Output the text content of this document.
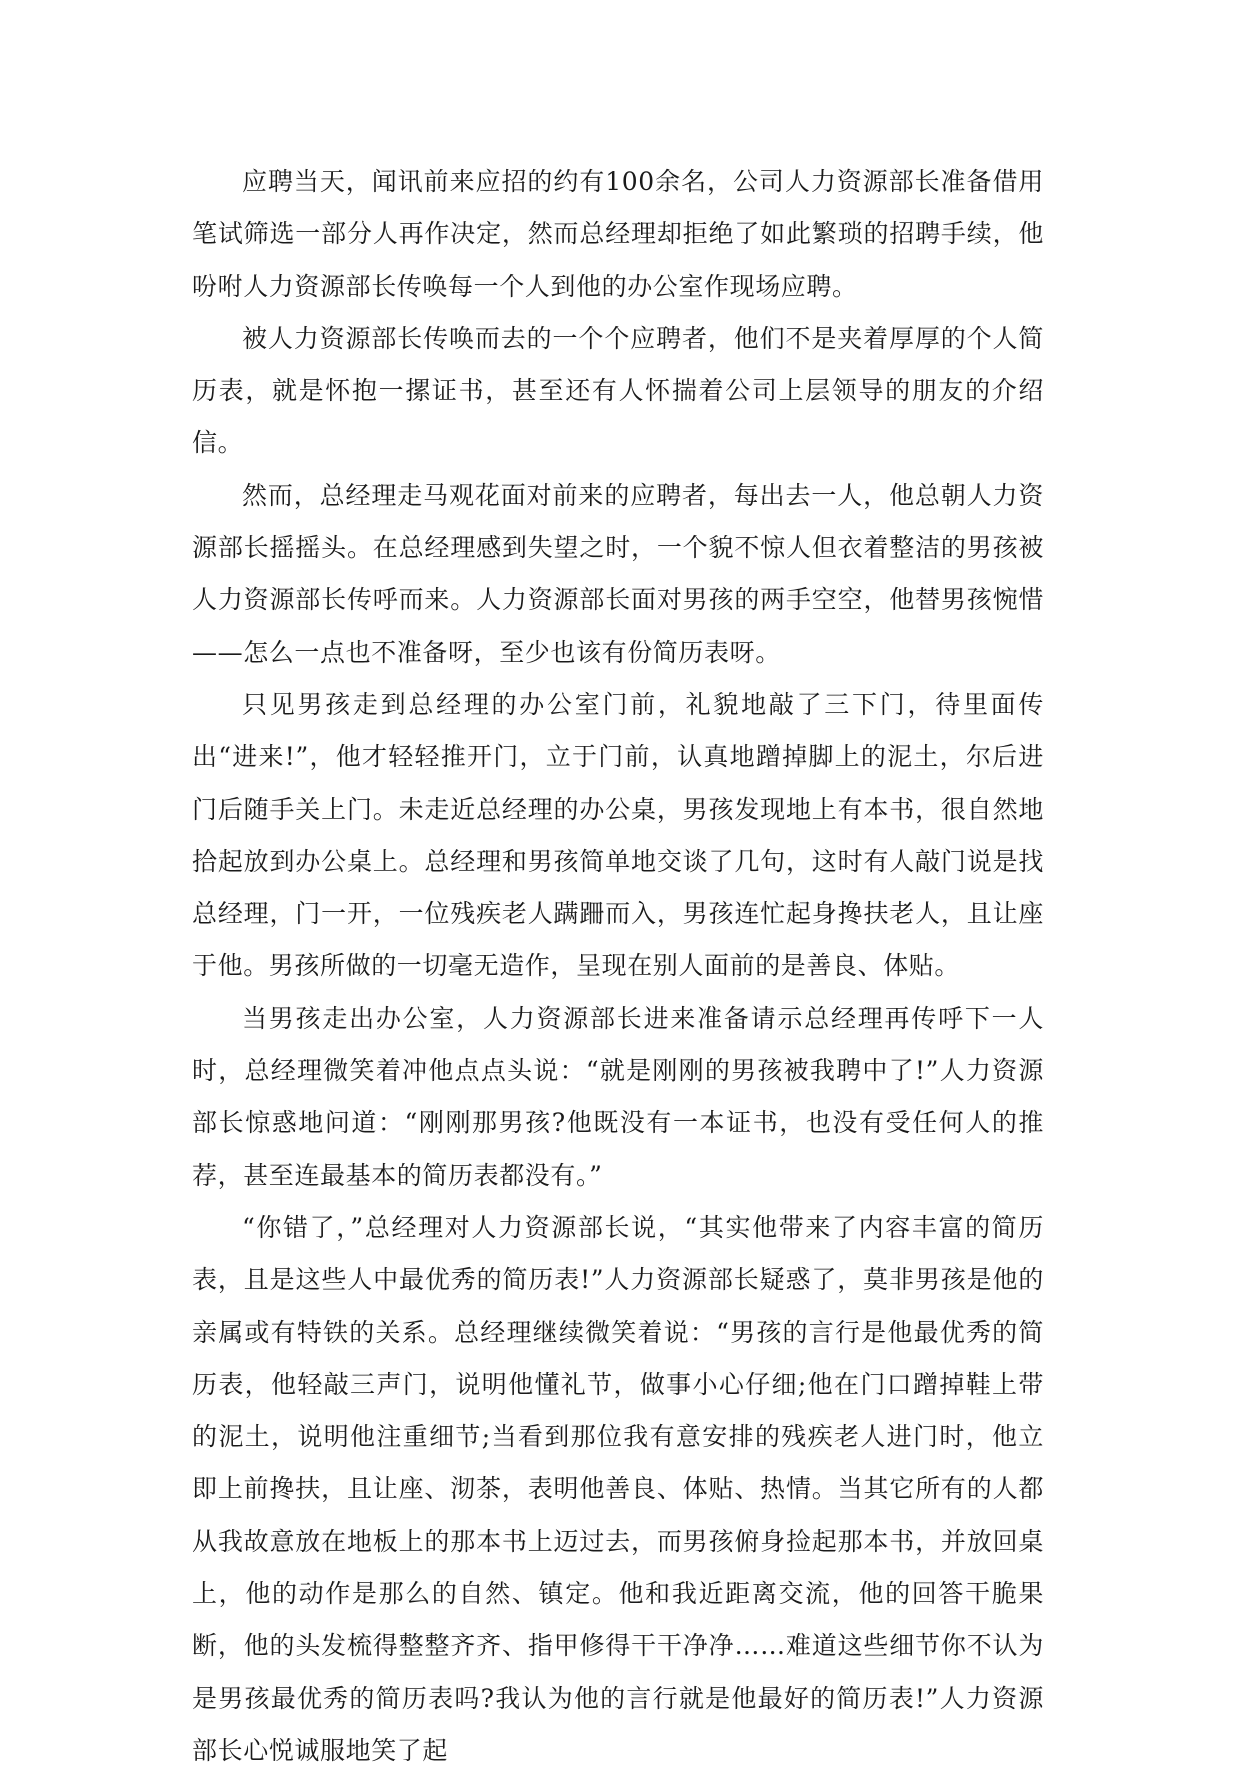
应聘当天，闻讯前来应招的约有100余名，公司人力资源部长准备借用笔试筛选一部分人再作决定，然而总经理却拒绝了如此繁琐的招聘手续，他吩咐人力资源部长传唤每一个人到他的办公室作现场应聘。

被人力资源部长传唤而去的一个个应聘者，他们不是夹着厚厚的个人简历表，就是怀抱一摞证书，甚至还有人怀揣着公司上层领导的朋友的介绍信。

然而，总经理走马观花面对前来的应聘者，每出去一人，他总朝人力资源部长摇摇头。在总经理感到失望之时，一个貌不惊人但衣着整洁的男孩被人力资源部长传呼而来。人力资源部长面对男孩的两手空空，他替男孩惋惜——怎么一点也不准备呀，至少也该有份简历表呀。

只见男孩走到总经理的办公室门前，礼貌地敲了三下门，待里面传出“进来!”，他才轻轻推开门，立于门前，认真地蹭掉脚上的泥土，尔后进门后随手关上门。未走近总经理的办公桌，男孩发现地上有本书，很自然地拾起放到办公桌上。总经理和男孩简单地交谈了几句，这时有人敲门说是找总经理，门一开，一位残疾老人蹒跚而入，男孩连忙起身搀扶老人，且让座于他。男孩所做的一切毫无造作，呈现在别人面前的是善良、体贴。

当男孩走出办公室，人力资源部长进来准备请示总经理再传呼下一人时，总经理微笑着冲他点点头说：“就是刚刚的男孩被我聘中了!”人力资源部长惊惑地问道：“刚刚那男孩?他既没有一本证书，也没有受任何人的推荐，甚至连最基本的简历表都没有。”

“你错了，”总经理对人力资源部长说，“其实他带来了内容丰富的简历表，且是这些人中最优秀的简历表!”人力资源部长疑惑了，莫非男孩是他的亲属或有特铁的关系。总经理继续微笑着说：“男孩的言行是他最优秀的简历表，他轻敲三声门，说明他懂礼节，做事小心仔细;他在门口蹭掉鞋上带的泥土，说明他注重细节;当看到那位我有意安排的残疾老人进门时，他立即上前搀扶，且让座、沏茶，表明他善良、体贴、热情。当其它所有的人都从我故意放在地板上的那本书上迈过去，而男孩俯身捡起那本书，并放回桌上，他的动作是那么的自然、镇定。他和我近距离交流，他的回答干脆果断，他的头发梳得整整齐齐、指甲修得干干净净……难道这些细节你不认为是男孩最优秀的简历表吗?我认为他的言行就是他最好的简历表!”人力资源部长心悦诚服地笑了起
